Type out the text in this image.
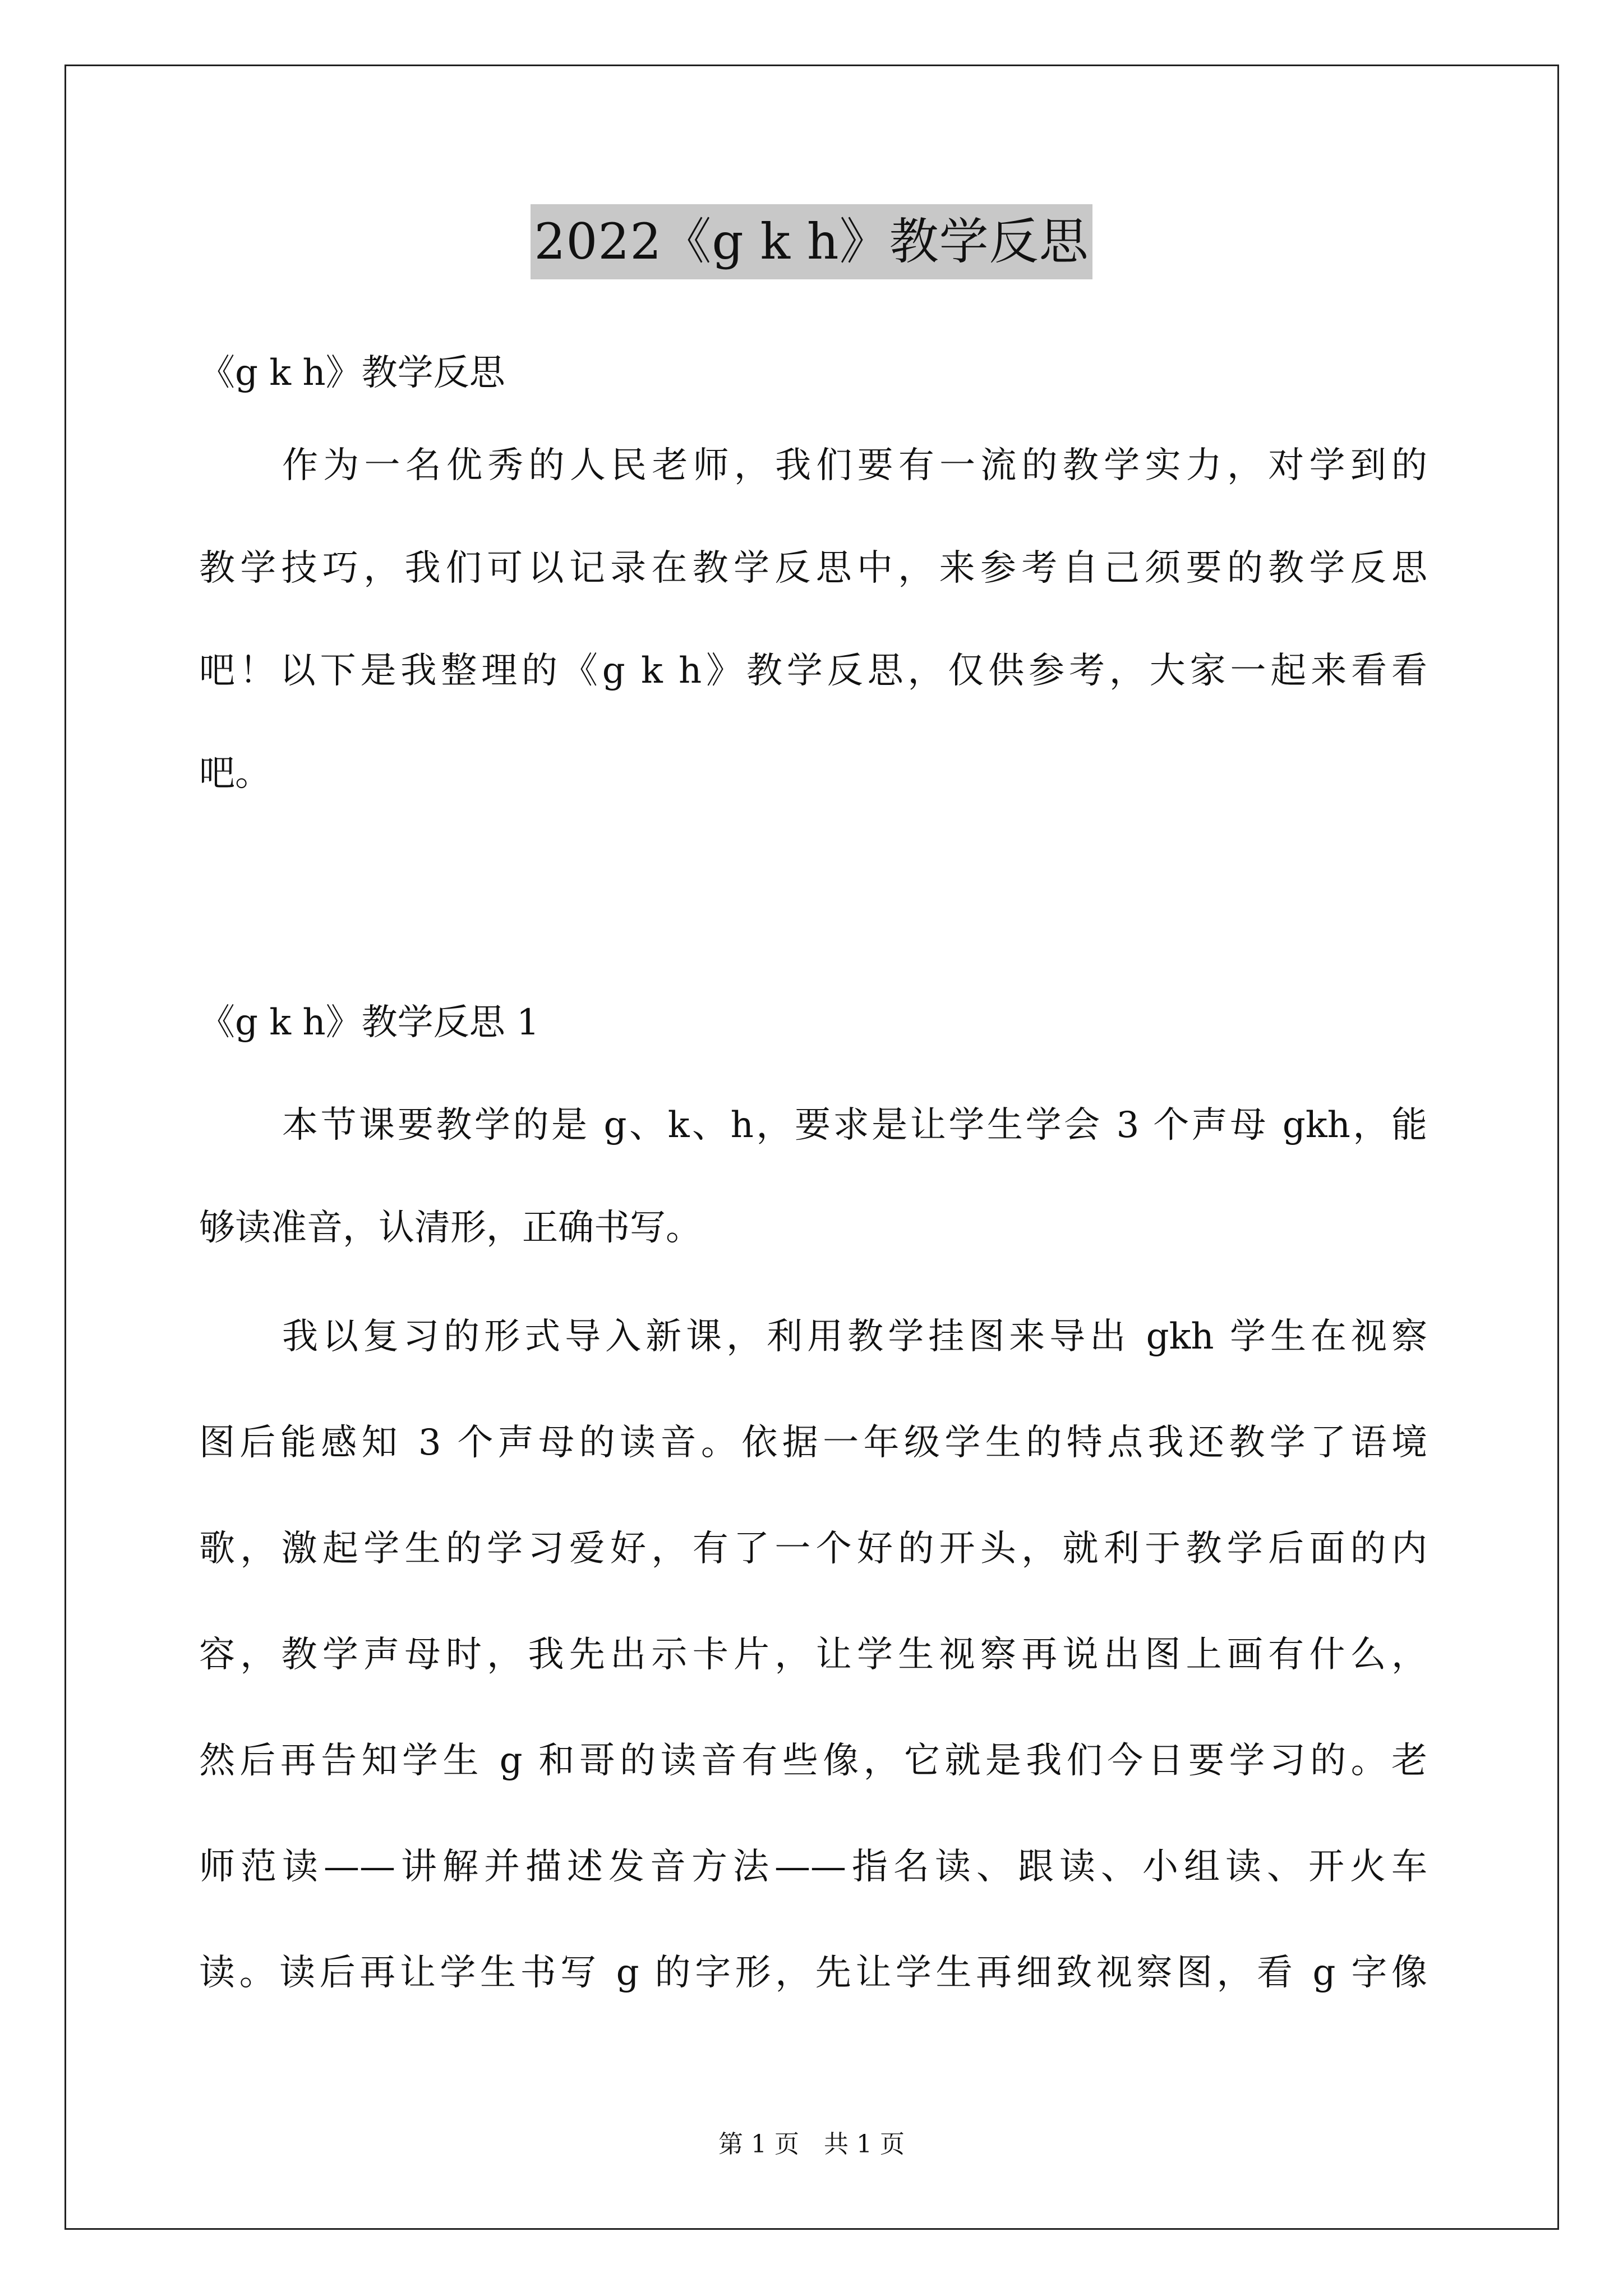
2022《g k h》教学反思
《g k h》教学反思
作为一名优秀的人民老师，我们要有一流的教学实力，对学到的
教学技巧，我们可以记录在教学反思中，来参考自己须要的教学反思
吧！以下是我整理的《g k h》教学反思，仅供参考，大家一起来看看
吧。
《g k h》教学反思 1
本节课要教学的是 g、k、h，要求是让学生学会 3 个声母 gkh，能
够读准音，认清形，正确书写。
我以复习的形式导入新课，利用教学挂图来导出 gkh 学生在视察
图后能感知 3 个声母的读音。依据一年级学生的特点我还教学了语境
歌，激起学生的学习爱好，有了一个好的开头，就利于教学后面的内
容，教学声母时，我先出示卡片，让学生视察再说出图上画有什么，
然后再告知学生 g 和哥的读音有些像，它就是我们今日要学习的。老
师范读——讲解并描述发音方法——指名读、跟读、小组读、开火车
读。读后再让学生书写 g 的字形，先让学生再细致视察图，看 g 字像
第 1 页　共 1 页
